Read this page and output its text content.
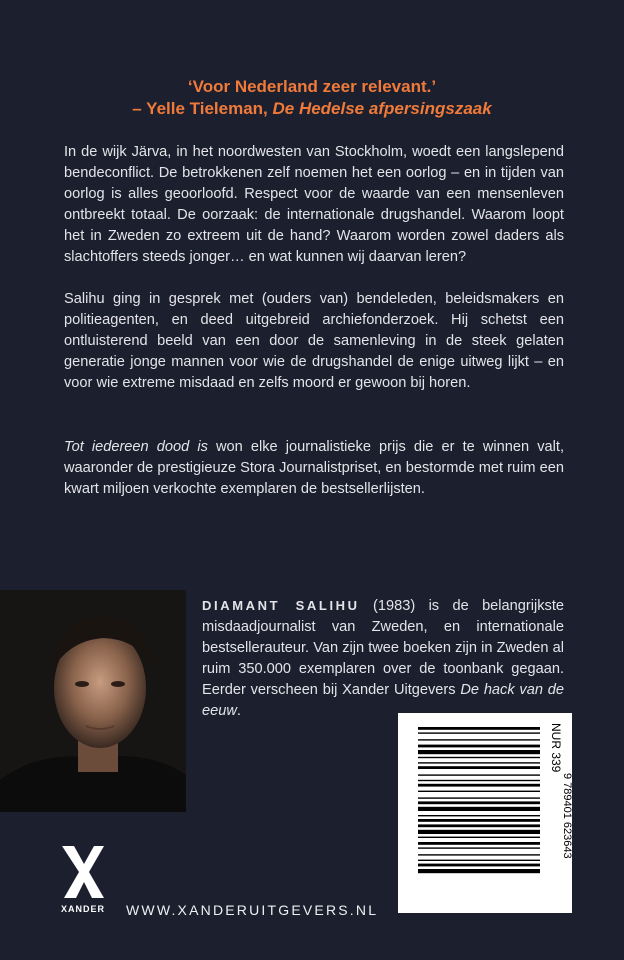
‘Voor Nederland zeer relevant.’
– Yelle Tieleman, De Hedelse afpersingszaak
In de wijk Järva, in het noordwesten van Stockholm, woedt een langslepend bendeconflict. De betrokkenen zelf noemen het een oorlog – en in tijden van oorlog is alles geoorloofd. Respect voor de waarde van een mensenleven ontbreekt totaal. De oorzaak: de internationale drugshandel. Waarom loopt het in Zweden zo extreem uit de hand? Waarom worden zowel daders als slachtoffers steeds jonger… en wat kunnen wij daarvan leren?
Salihu ging in gesprek met (ouders van) bendeleden, beleidsmakers en politieagenten, en deed uitgebreid archiefonderzoek. Hij schetst een ontluisterend beeld van een door de samenleving in de steek gelaten generatie jonge mannen voor wie de drugshandel de enige uitweg lijkt – en voor wie extreme misdaad en zelfs moord er gewoon bij horen.
Tot iedereen dood is won elke journalistieke prijs die er te winnen valt, waaronder de prestigieuze Stora Journalistpriset, en bestormde met ruim een kwart miljoen verkochte exemplaren de bestsellerlijsten.
DIAMANT SALIHU (1983) is de belangrijkste misdaadjournalist van Zweden, en internationale bestsellerauteur. Van zijn twee boeken zijn in Zweden al ruim 350.000 exemplaren over de toonbank gegaan. Eerder verscheen bij Xander Uitgevers De hack van de eeuw.
NUR 339
9 789401 623643
XANDER WWW.XANDERUITGEVERS.NL
